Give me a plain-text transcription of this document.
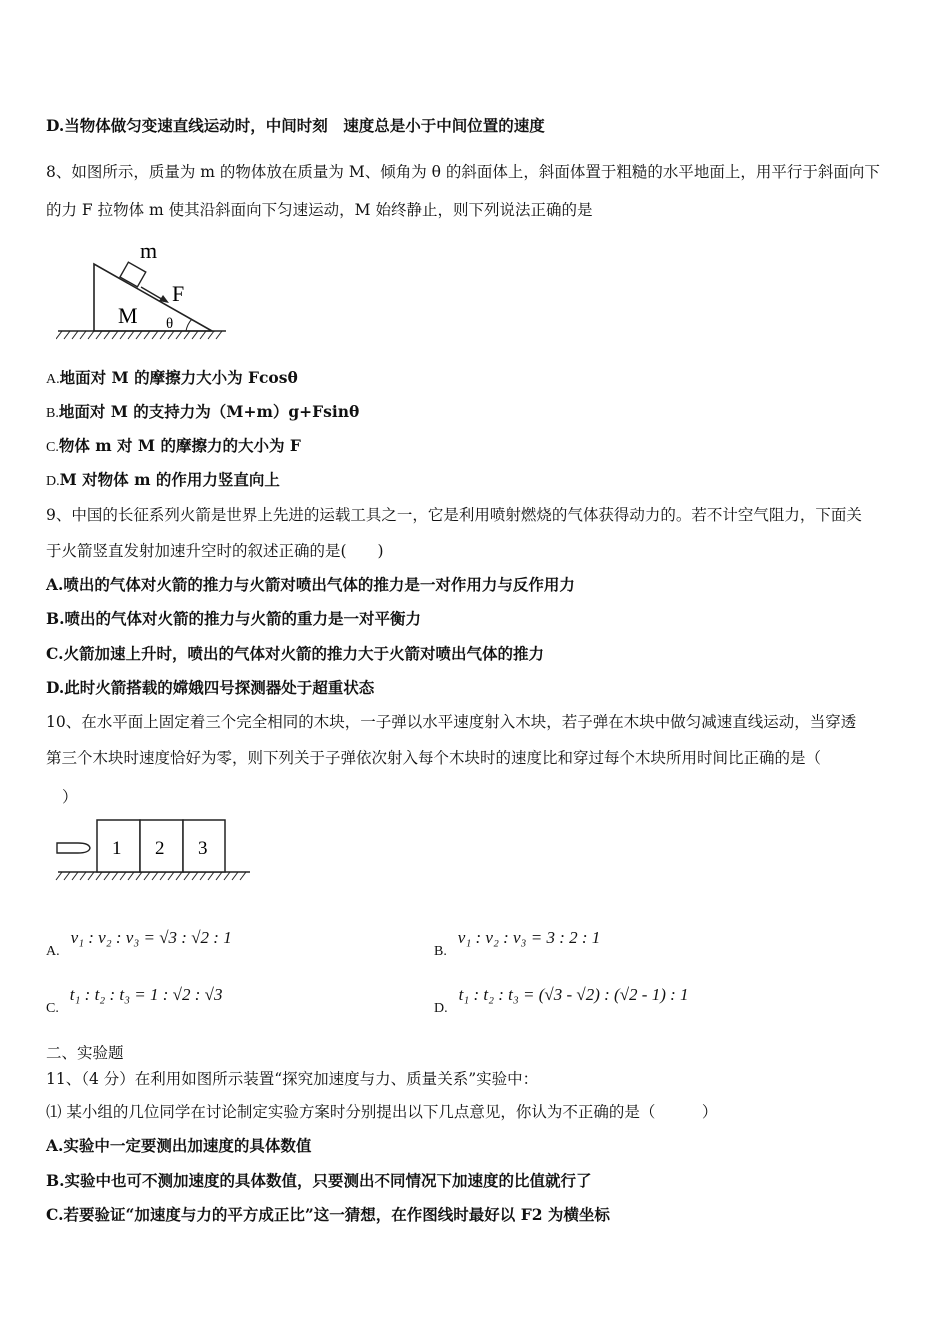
D.当物体做匀变速直线运动时，中间时刻　速度总是小于中间位置的速度
8、如图所示，质量为 m 的物体放在质量为 M、倾角为 θ 的斜面体上，斜面体置于粗糙的水平地面上，用平行于斜面向下
的力 F 拉物体 m 使其沿斜面向下匀速运动，M 始终静止，则下列说法正确的是
m
F
M θ
A.地面对 M 的摩擦力大小为 Fcosθ
B.地面对 M 的支持力为（M+m）g+Fsinθ
C.物体 m 对 M 的摩擦力的大小为 F
D.M 对物体 m 的作用力竖直向上
9、中国的长征系列火箭是世界上先进的运载工具之一，它是利用喷射燃烧的气体获得动力的。若不计空气阻力，下面关
于火箭竖直发射加速升空时的叙述正确的是(　　)
A.喷出的气体对火箭的推力与火箭对喷出气体的推力是一对作用力与反作用力
B.喷出的气体对火箭的推力与火箭的重力是一对平衡力
C.火箭加速上升时，喷出的气体对火箭的推力大于火箭对喷出气体的推力
D.此时火箭搭载的嫦娥四号探测器处于超重状态
10、在水平面上固定着三个完全相同的木块，一子弹以水平速度射入木块，若子弹在木块中做匀减速直线运动，当穿透
第三个木块时速度恰好为零，则下列关于子弹依次射入每个木块时的速度比和穿过每个木块所用时间比正确的是（
）
1 2 3
A. v₁ : v₂ : v₃ = √3 : √2 : 1
B. v₁ : v₂ : v₃ = 3 : 2 : 1
C. t₁ : t₂ : t₃ = 1 : √2 : √3
D. t₁ : t₂ : t₃ = (√3 - √2) : (√2 - 1) : 1
二、实验题
11、（4 分）在利用如图所示装置“探究加速度与力、质量关系”实验中：
⑴ 某小组的几位同学在讨论制定实验方案时分别提出以下几点意见，你认为不正确的是（　　　）
A.实验中一定要测出加速度的具体数值
B.实验中也可不测加速度的具体数值，只要测出不同情况下加速度的比值就行了
C.若要验证“加速度与力的平方成正比”这一猜想，在作图线时最好以 F2 为横坐标
